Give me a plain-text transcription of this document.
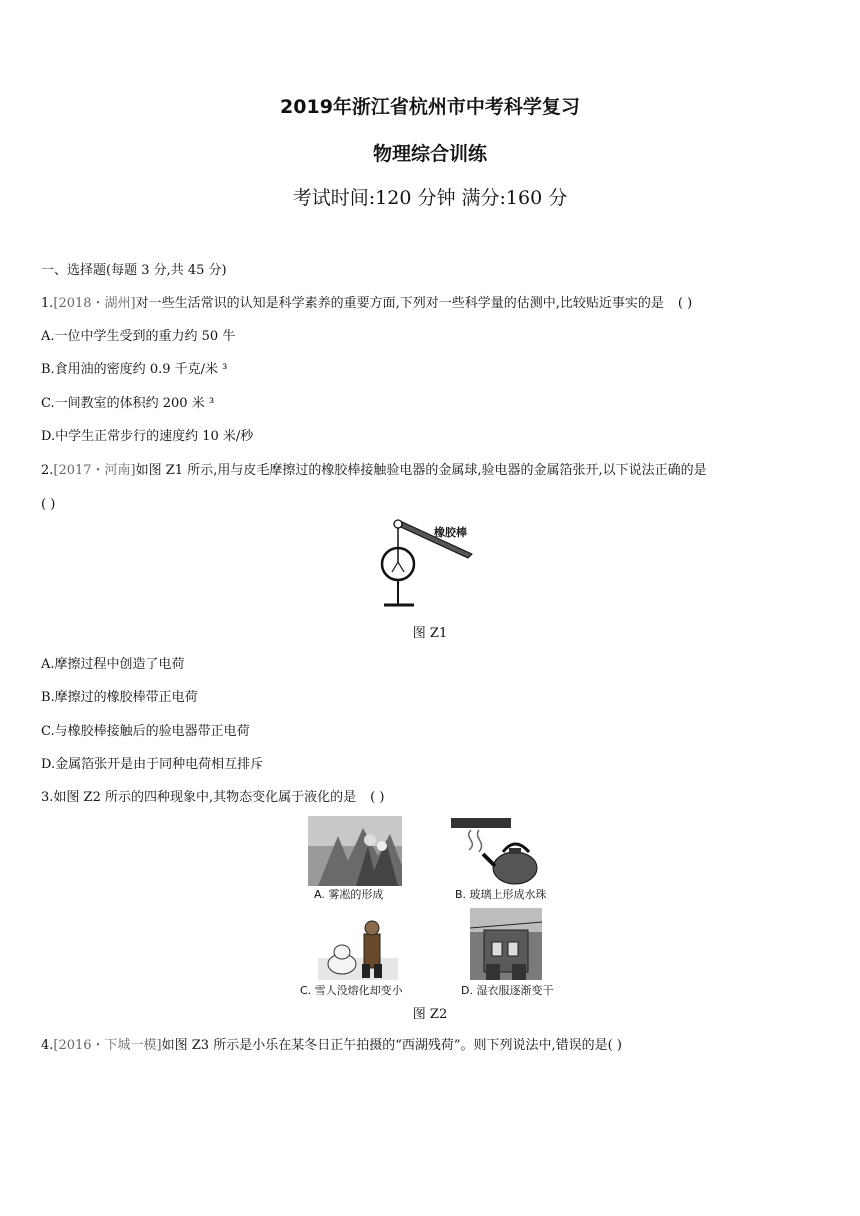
2019年浙江省杭州市中考科学复习
物理综合训练
考试时间:120 分钟 满分:160 分
一、选择题(每题 3 分,共 45 分)
1.[2018・湖州]对一些生活常识的认知是科学素养的重要方面,下列对一些科学量的估测中,比较贴近事实的是 ( )
A.一位中学生受到的重力约 50 牛
B.食用油的密度约 0.9 千克/米 ³
C.一间教室的体积约 200 米 ³
D.中学生正常步行的速度约 10 米/秒
2.[2017・河南]如图 Z1 所示,用与皮毛摩擦过的橡胶棒接触验电器的金属球,验电器的金属箔张开,以下说法正确的是
( )
橡胶棒
图 Z1
A.摩擦过程中创造了电荷
B.摩擦过的橡胶棒带正电荷
C.与橡胶棒接触后的验电器带正电荷
D.金属箔张开是由于同种电荷相互排斥
3.如图 Z2 所示的四种现象中,其物态变化属于液化的是 ( )
A. 雾凇的形成	B. 玻璃上形成水珠
C. 雪人没熔化却变小	D. 湿衣服逐渐变干
图 Z2
4.[2016・下城一模]如图 Z3 所示是小乐在某冬日正午拍摄的“西湖残荷”。则下列说法中,错误的是( )
